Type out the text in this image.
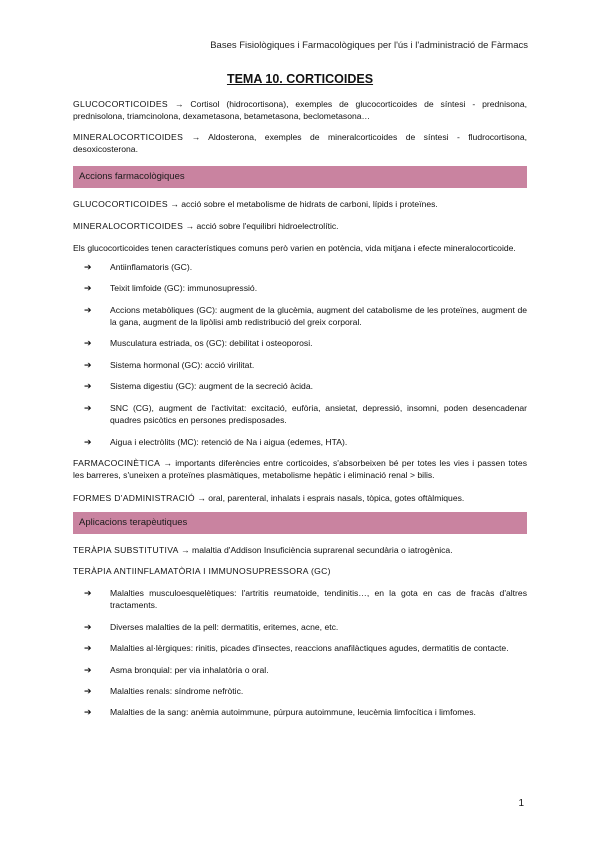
Bases Fisiològiques i Farmacològiques per l'ús i l'administració de Fàrmacs
TEMA 10. CORTICOIDES

GLUCOCORTICOIDES → Cortisol (hidrocortisona), exemples de glucocorticoides de síntesi - prednisona, prednisolona, triamcinolona, dexametasona, betametasona, beclometasona…

MINERALOCORTICOIDES → Aldosterona, exemples de mineralcorticoides de síntesi - fludrocortisona, desoxicosterona.

Accions farmacològiques

GLUCOCORTICOIDES → acció sobre el metabolisme de hidrats de carboni, lípids i proteïnes.

MINERALOCORTICOIDES → acció sobre l'equilibri hidroelectrolític.

Els glucocorticoides tenen característiques comuns però varien en potència, vida mitjana i efecte mineralocorticoide.

➔ Antiinflamatoris (GC).
➔ Teixit limfoide (GC): immunosupressió.
➔ Accions metabòliques (GC): augment de la glucèmia, augment del catabolisme de les proteïnes, augment de la gana, augment de la lipòlisi amb redistribució del greix corporal.
➔ Musculatura estriada, os (GC): debilitat i osteoporosi.
➔ Sistema hormonal (GC): acció virilitat.
➔ Sistema digestiu (GC): augment de la secreció àcida.
➔ SNC (CG), augment de l'activitat: excitació, eufòria, ansietat, depressió, insomni, poden desencadenar quadres psicòtics en persones predisposades.
➔ Aigua i electròlits (MC): retenció de Na i aigua (edemes, HTA).

FARMACOCINÈTICA → importants diferències entre corticoides, s'absorbeixen bé per totes les vies i passen totes les barreres, s'uneixen a proteïnes plasmàtiques, metabolisme hepàtic i eliminació renal > bilis.

FORMES D'ADMINISTRACIÓ → oral, parenteral, inhalats i esprais nasals, tòpica, gotes oftàlmiques.

Aplicacions terapèutiques

TERÀPIA SUBSTITUTIVA → malaltia d'Addison Insuficiència suprarenal secundària o iatrogènica.

TERÀPIA ANTIINFLAMATÒRIA I IMMUNOSUPRESSORA (GC)

➔ Malalties musculoesquelètiques: l'artritis reumatoide, tendinitis…, en la gota en cas de fracàs d'altres tractaments.
➔ Diverses malalties de la pell: dermatitis, eritemes, acne, etc.
➔ Malalties al·lèrgiques: rinitis, picades d'insectes, reaccions anafilàctiques agudes, dermatitis de contacte.
➔ Asma bronquial: per via inhalatòria o oral.
➔ Malalties renals: síndrome nefròtic.
➔ Malalties de la sang: anèmia autoimmune, púrpura autoimmune, leucèmia limfocítica i limfomes.
1
